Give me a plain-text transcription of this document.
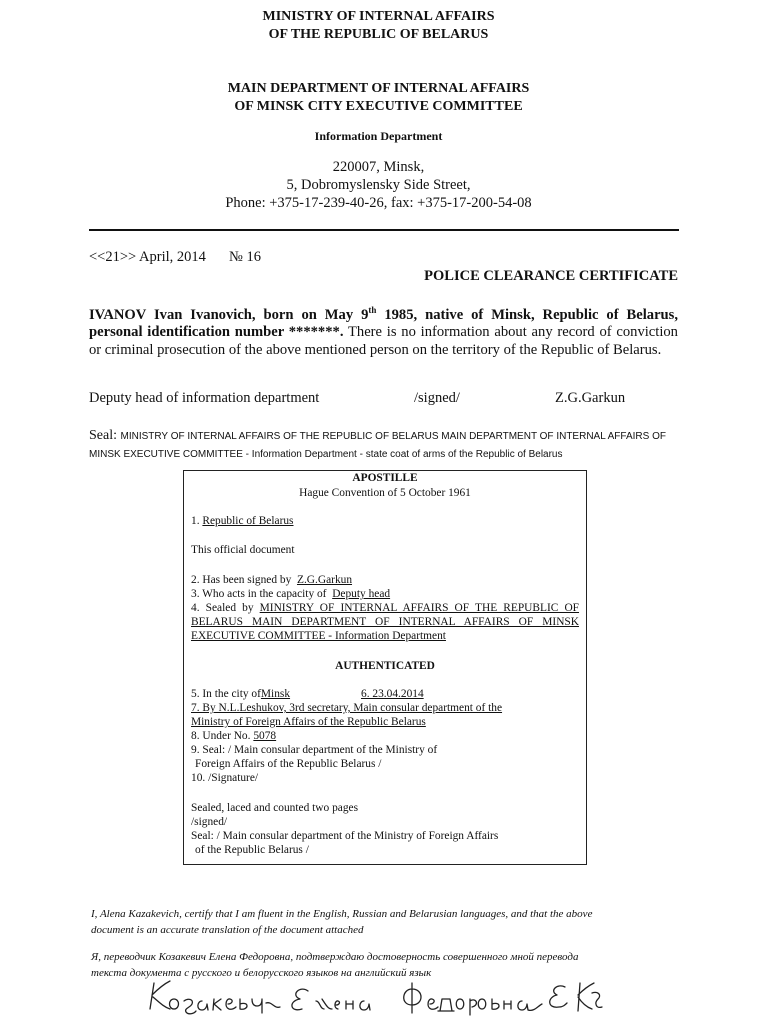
MINISTRY OF INTERNAL AFFAIRS
OF THE REPUBLIC OF BELARUS
MAIN DEPARTMENT OF INTERNAL AFFAIRS
OF MINSK CITY EXECUTIVE COMMITTEE
Information Department
220007, Minsk,
5, Dobromyslensky Side Street,
Phone: +375-17-239-40-26, fax: +375-17-200-54-08
<<21>> April, 2014 № 16
POLICE CLEARANCE CERTIFICATE
IVANOV Ivan Ivanovich, born on May 9th 1985, native of Minsk, Republic of Belarus, personal identification number *******. There is no information about any record of conviction or criminal prosecution of the above mentioned person on the territory of the Republic of Belarus.
Deputy head of information department	/signed/	Z.G.Garkun
Seal: MINISTRY OF INTERNAL AFFAIRS OF THE REPUBLIC OF BELARUS MAIN DEPARTMENT OF INTERNAL AFFAIRS OF MINSK EXECUTIVE COMMITTEE - Information Department - state coat of arms of the Republic of Belarus
APOSTILLE
Hague Convention of 5 October 1961
1. Republic of Belarus
This official document
2. Has been signed by Z.G.Garkun
3. Who acts in the capacity of Deputy head
4. Sealed by MINISTRY OF INTERNAL AFFAIRS OF THE REPUBLIC OF BELARUS MAIN DEPARTMENT OF INTERNAL AFFAIRS OF MINSK EXECUTIVE COMMITTEE - Information Department
AUTHENTICATED
5. In the city ofMinsk	6. 23.04.2014
7. By N.L.Leshukov, 3rd secretary, Main consular department of the
Ministry of Foreign Affairs of the Republic Belarus
8. Under No. 5078
9. Seal: / Main consular department of the Ministry of
Foreign Affairs of the Republic Belarus /
10. /Signature/
Sealed, laced and counted two pages
/signed/
Seal: / Main consular department of the Ministry of Foreign Affairs
of the Republic Belarus /
I, Alena Kazakevich, certify that I am fluent in the English, Russian and Belarusian languages, and that the above
document is an accurate translation of the document attached
Я, переводчик Козакевич Елена Федоровна, подтверждаю достоверность совершенного мной перевода
текста документа с русского и белорусского языков на английский язык
